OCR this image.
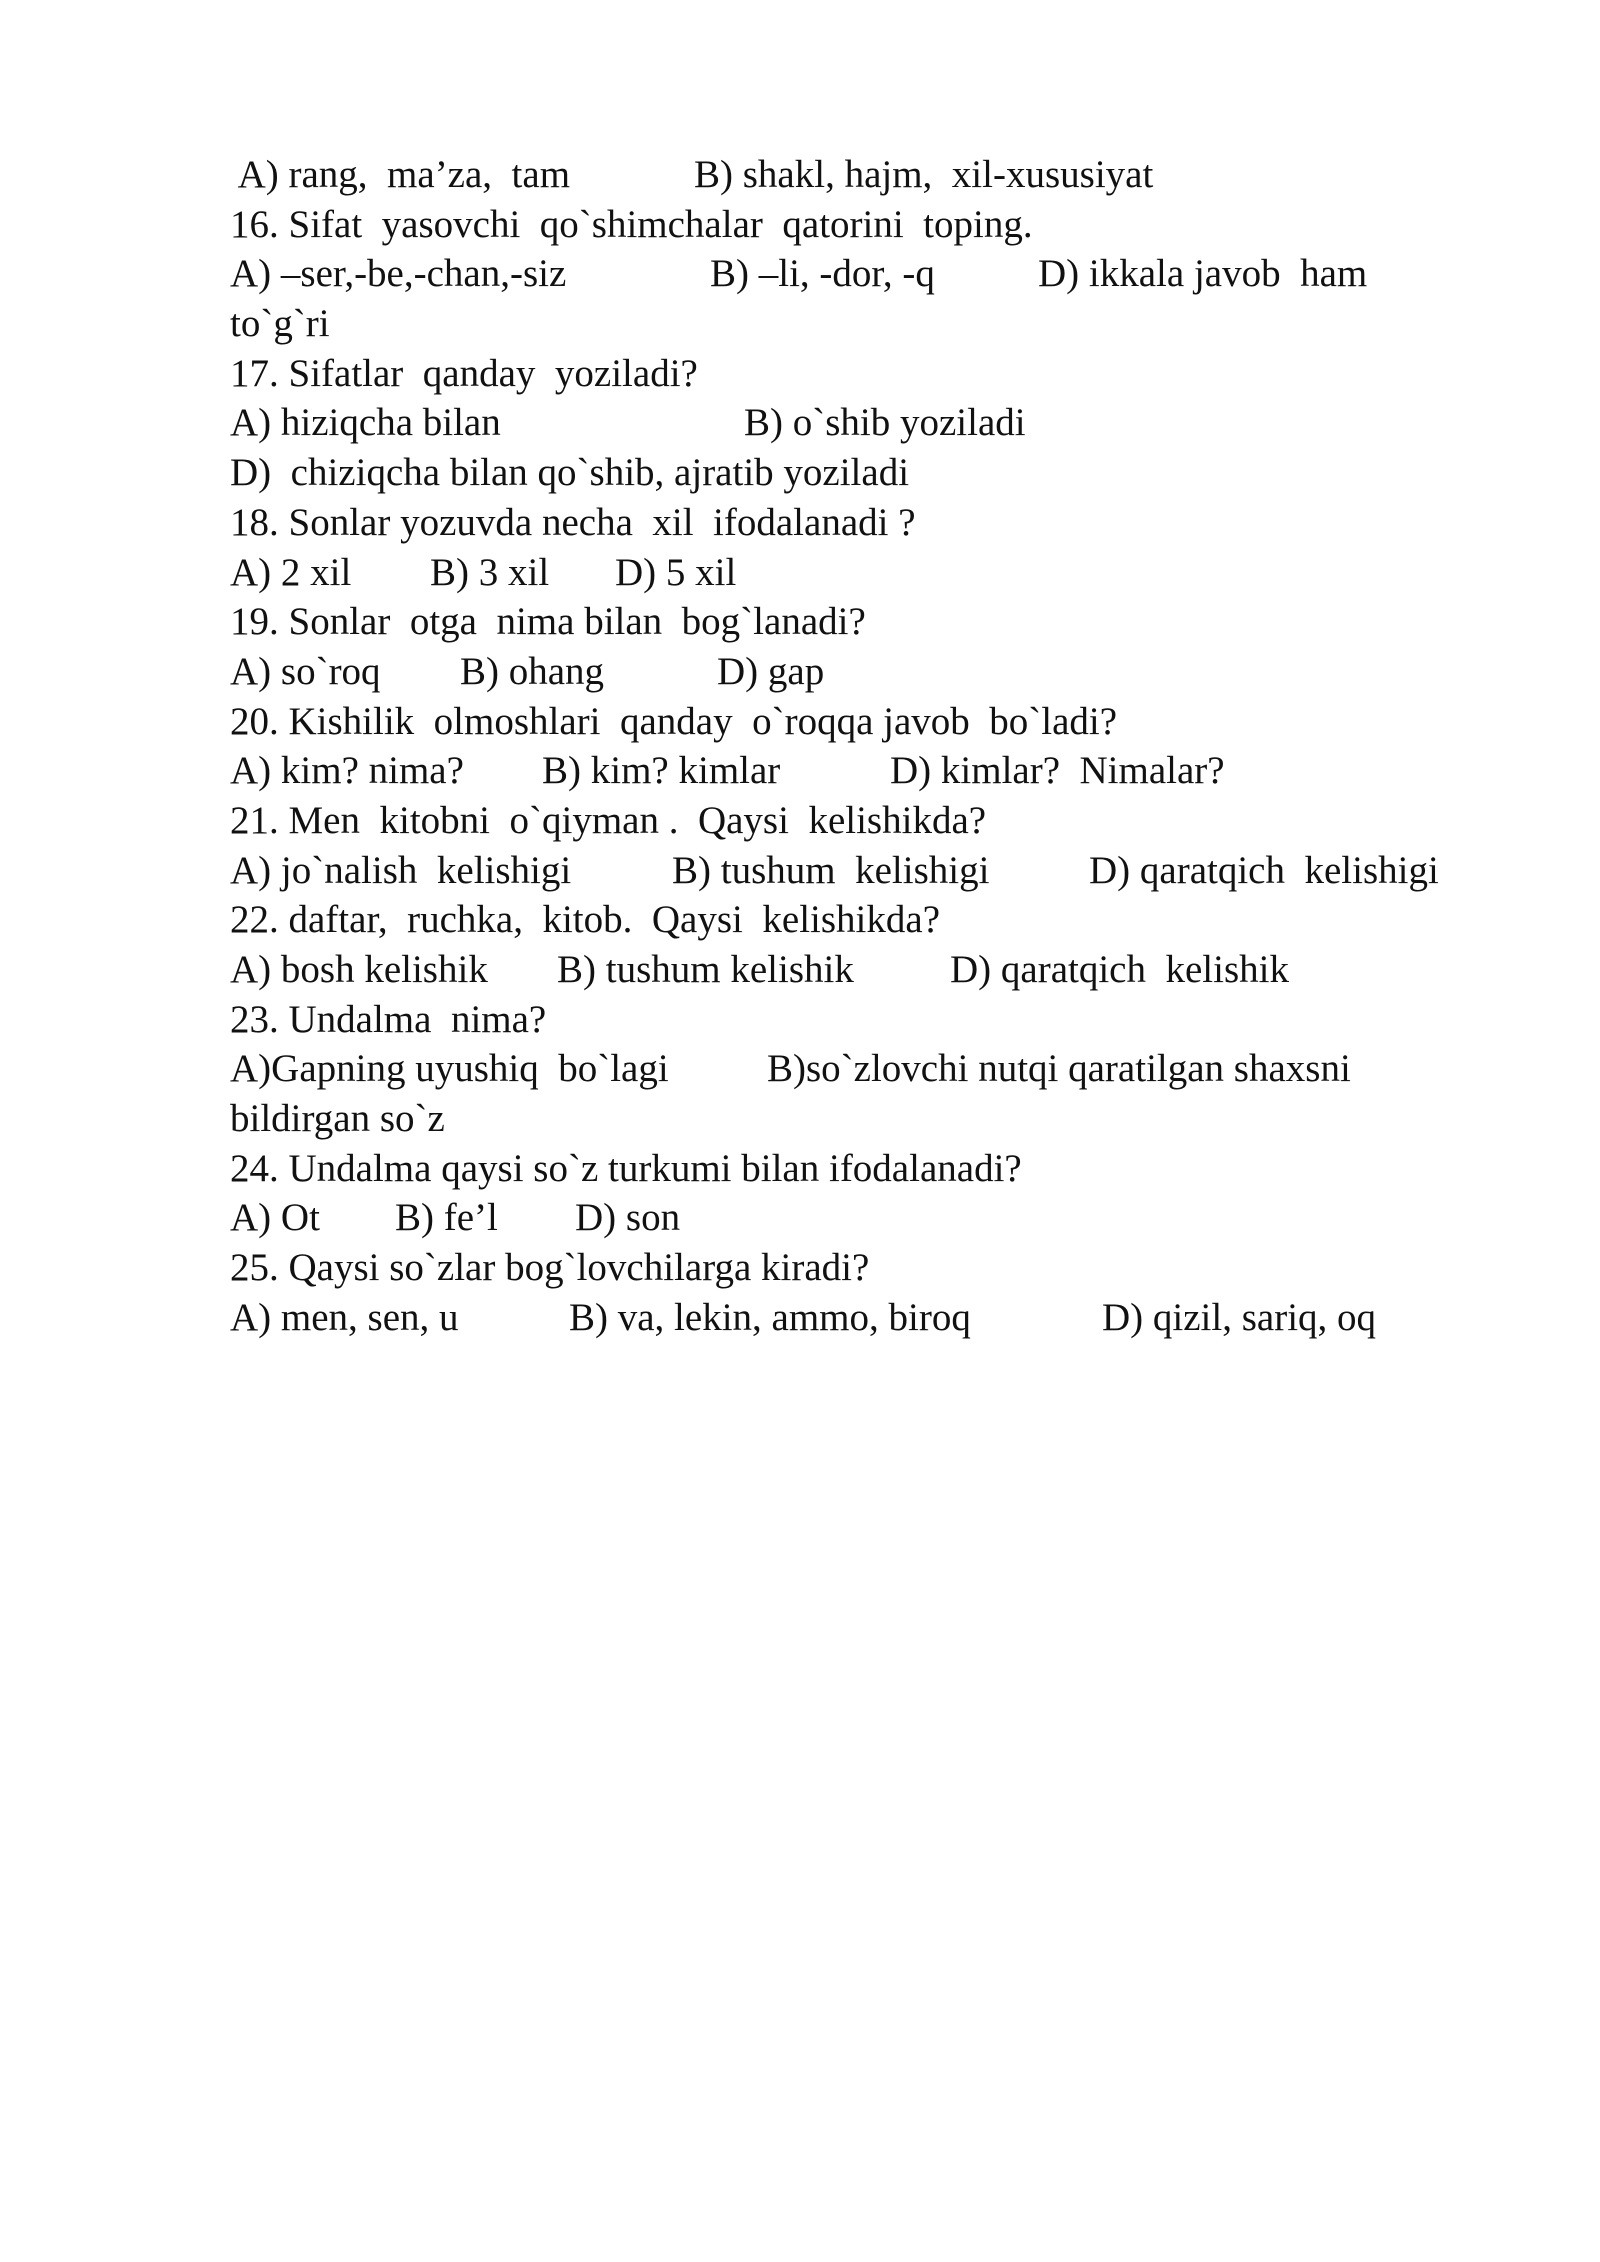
A) rang,  ma’za,  tam	B) shakl, hajm,  xil-xususiyat
16. Sifat  yasovchi  qo`shimchalar  qatorini  toping.
A) –ser,-be,-chan,-siz	B) –li, -dor, -q	D) ikkala javob  ham
to`g`ri
17. Sifatlar  qanday  yoziladi?
A) hiziqcha bilan	B) o`shib yoziladi
D)  chiziqcha bilan qo`shib, ajratib yoziladi
18. Sonlar yozuvda necha  xil  ifodalanadi ?
A) 2 xil B) 3 xil D) 5 xil
19. Sonlar  otga  nima bilan  bog`lanadi?
A) so`roq B) ohang	D) gap
20. Kishilik  olmoshlari  qanday  o`roqqa javob  bo`ladi?
A) kim? nima? B) kim? kimlar	D) kimlar?  Nimalar?
21. Men  kitobni  o`qiyman .  Qaysi  kelishikda?
A) jo`nalish  kelishigi	B) tushum  kelishigi	D) qaratqich  kelishigi
22. daftar,  ruchka,  kitob.  Qaysi  kelishikda?
A) bosh kelishik B) tushum kelishik D) qaratqich  kelishik
23. Undalma  nima?
A)Gapning uyushiq  bo`lagi	B)so`zlovchi nutqi qaratilgan shaxsni
bildirgan so`z
24. Undalma qaysi so`z turkumi bilan ifodalanadi?
A) Ot B) fe’l D) son
25. Qaysi so`zlar bog`lovchilarga kiradi?
A) men, sen, u	B) va, lekin, ammo, biroq	D) qizil, sariq, oq
